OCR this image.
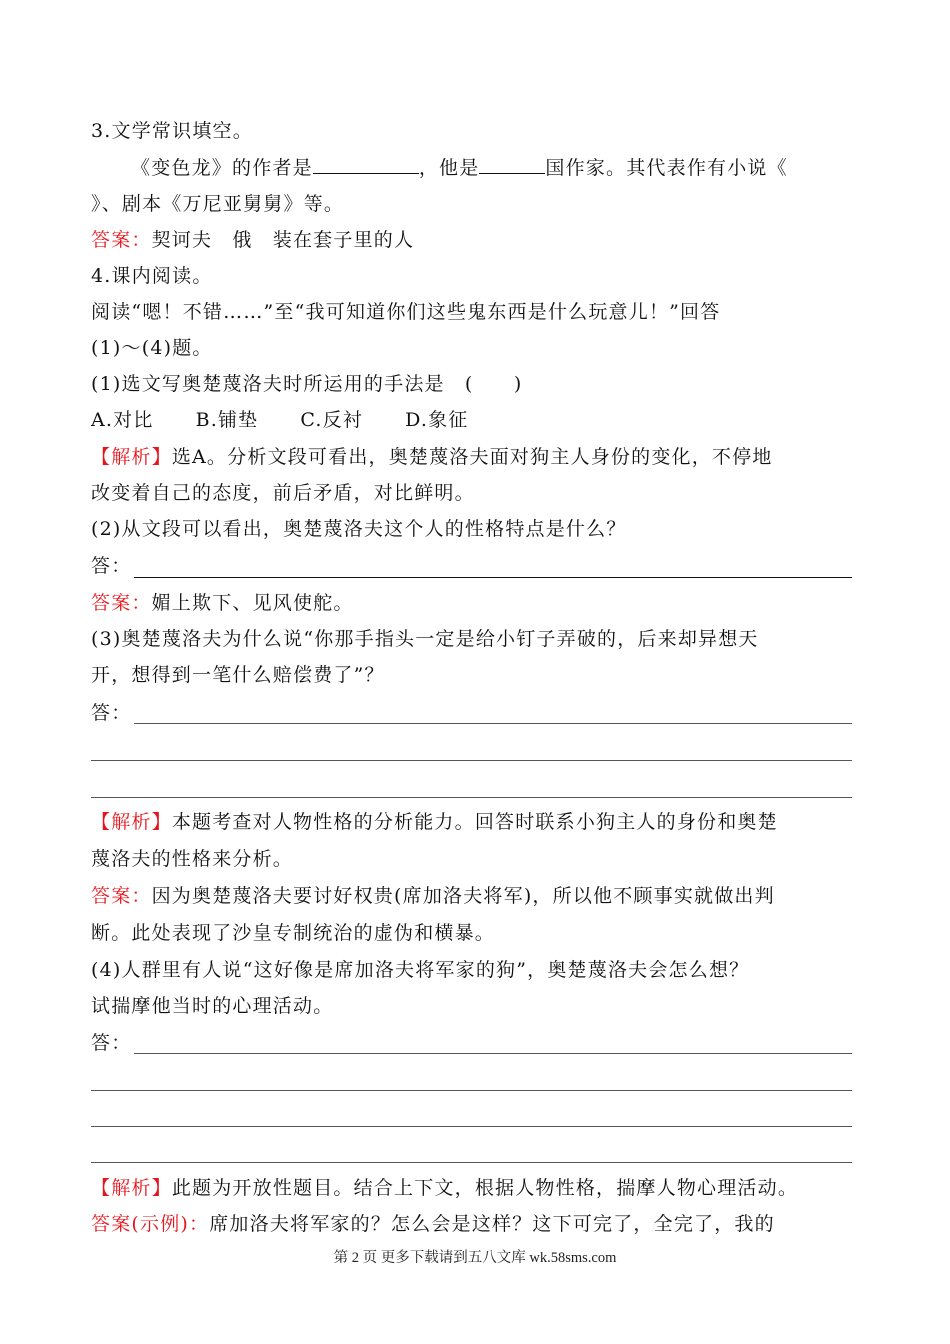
3.文学常识填空。
《变色龙》的作者是	，他是	国作家。其代表作有小说《
》、剧本《万尼亚舅舅》等。
答案：契诃夫　俄　装在套子里的人
4.课内阅读。
阅读“嗯！不错……”至“我可知道你们这些鬼东西是什么玩意儿！”回答
(1)～(4)题。
(1)选文写奥楚蔑洛夫时所运用的手法是　(　　)
A.对比 B.铺垫 C.反衬 D.象征
【解析】选A。分析文段可看出，奥楚蔑洛夫面对狗主人身份的变化，不停地
改变着自己的态度，前后矛盾，对比鲜明。
(2)从文段可以看出，奥楚蔑洛夫这个人的性格特点是什么？
答：
答案：媚上欺下、见风使舵。
(3)奥楚蔑洛夫为什么说“你那手指头一定是给小钉子弄破的，后来却异想天
开，想得到一笔什么赔偿费了”？
答：
【解析】本题考查对人物性格的分析能力。回答时联系小狗主人的身份和奥楚
蔑洛夫的性格来分析。
答案：因为奥楚蔑洛夫要讨好权贵(席加洛夫将军)，所以他不顾事实就做出判
断。此处表现了沙皇专制统治的虚伪和横暴。
(4)人群里有人说“这好像是席加洛夫将军家的狗”，奥楚蔑洛夫会怎么想？
试揣摩他当时的心理活动。
答：
【解析】此题为开放性题目。结合上下文，根据人物性格，揣摩人物心理活动。
答案(示例)：席加洛夫将军家的？怎么会是这样？这下可完了，全完了，我的
第 2 页 更多下载请到五八文库 wk.58sms.com
